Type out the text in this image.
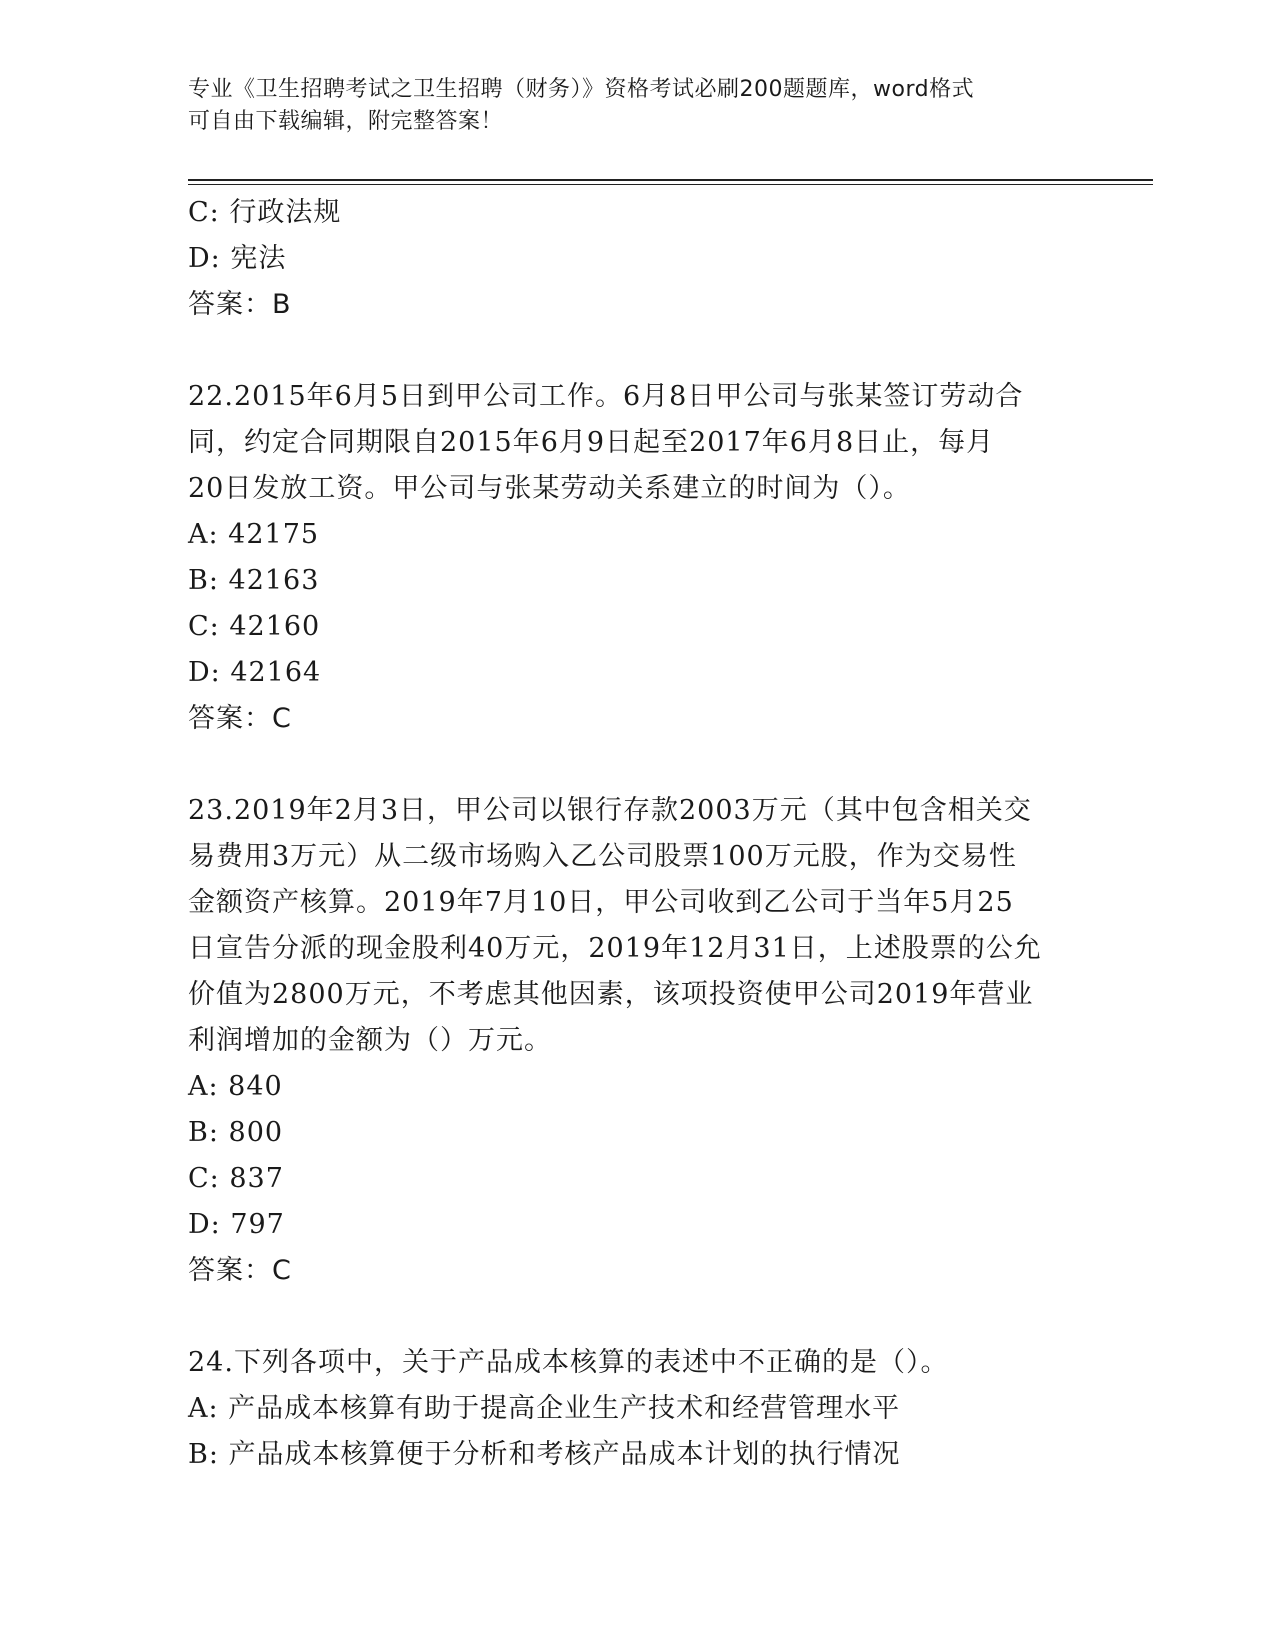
专业《卫生招聘考试之卫生招聘（财务）》资格考试必刷200题题库，word格式
可自由下载编辑，附完整答案！
C: 行政法规
D: 宪法
答案：B
22.2015年6月5日到甲公司工作。6月8日甲公司与张某签订劳动合
同，约定合同期限自2015年6月9日起至2017年6月8日止，每月
20日发放工资。甲公司与张某劳动关系建立的时间为（）。
A: 42175
B: 42163
C: 42160
D: 42164
答案：C
23.2019年2月3日，甲公司以银行存款2003万元（其中包含相关交
易费用3万元）从二级市场购入乙公司股票100万元股，作为交易性
金额资产核算。2019年7月10日，甲公司收到乙公司于当年5月25
日宣告分派的现金股利40万元，2019年12月31日，上述股票的公允
价值为2800万元，不考虑其他因素，该项投资使甲公司2019年营业
利润增加的金额为（）万元。
A: 840
B: 800
C: 837
D: 797
答案：C
24.下列各项中，关于产品成本核算的表述中不正确的是（）。
A: 产品成本核算有助于提高企业生产技术和经营管理水平
B: 产品成本核算便于分析和考核产品成本计划的执行情况
